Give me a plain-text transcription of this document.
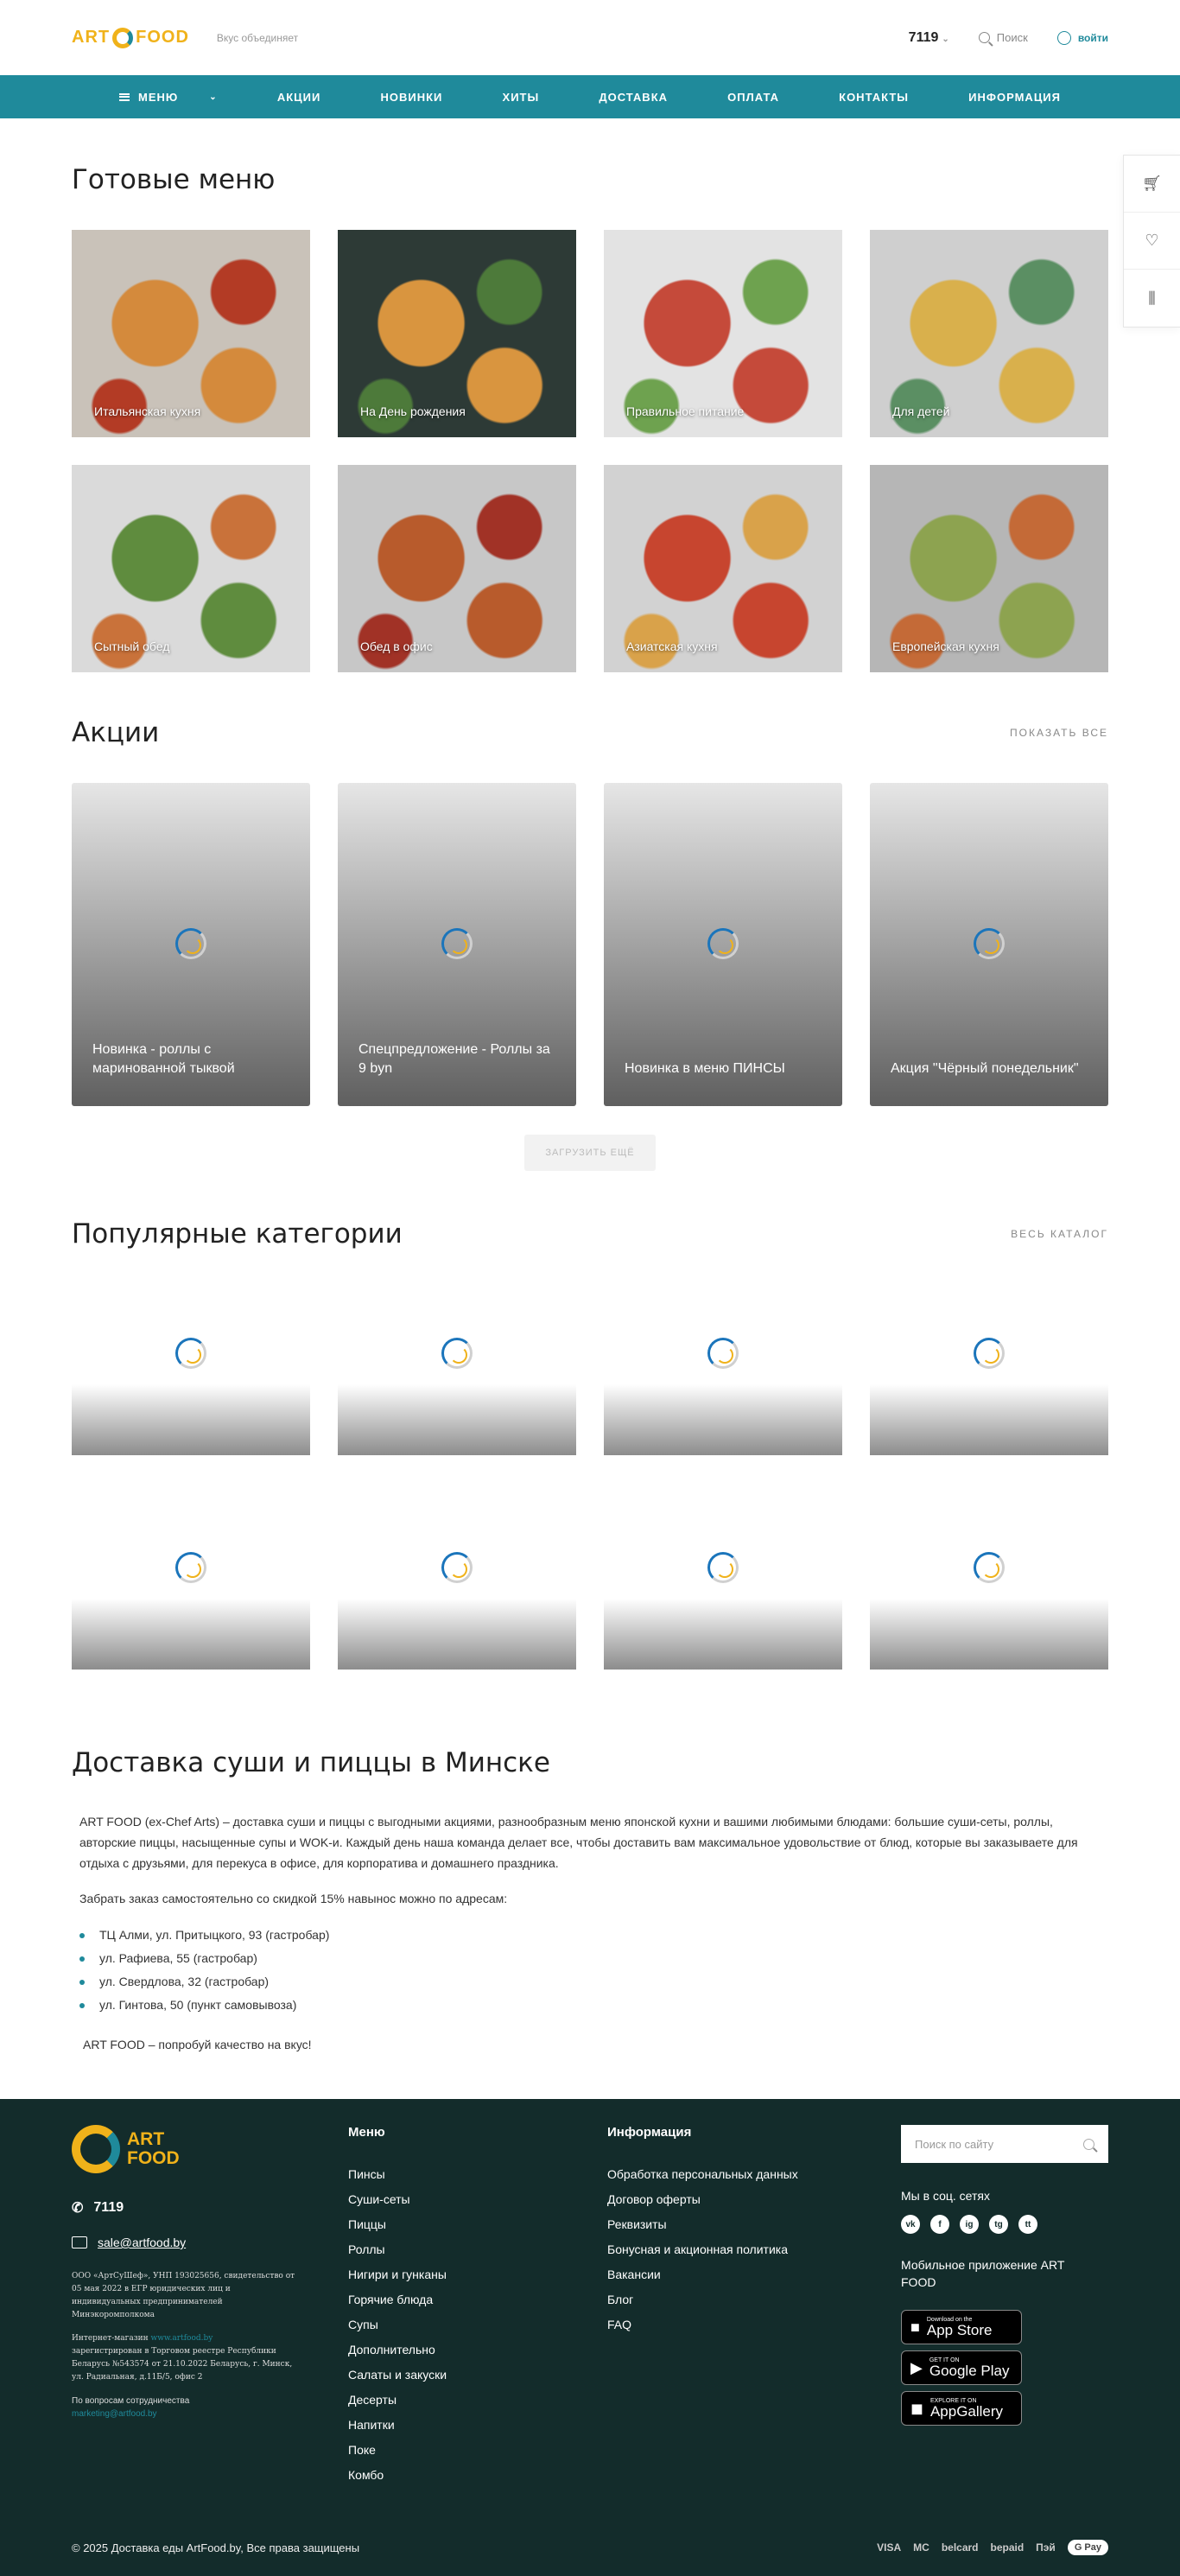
ART FOOD	Вкус объединяет	7119 ⌄	Поиск	войти
МЕНЮ	⌄	АКЦИИ	НОВИНКИ	ХИТЫ	ДОСТАВКА	ОПЛАТА	КОНТАКТЫ	ИНФОРМАЦИЯ
🛒︎
♡
⫼
Готовые меню
Итальянская кухня	На День рождения	Правильное питание	Для детей
Сытный обед	Обед в офис	Азиатская кухня	Европейская кухня
Акции	ПОКАЗАТЬ ВСЕ
Новинка - роллы с маринованной тыквой
Спецпредложение - Роллы за 9 byn	Новинка в меню ПИНСЫ	Акция "Чёрный понедельник"
ЗАГРУЗИТЬ ЕЩЁ
Популярные категории	ВЕСЬ КАТАЛОГ
Доставка суши и пиццы в Минске

ART FOOD (ex-Chef Arts) – доставка суши и пиццы с выгодными акциями, разнообразным меню японской кухни и вашими любимыми блюдами: большие суши-сеты, роллы, авторские пиццы, насыщенные супы и WOK-и. Каждый день наша команда делает все, чтобы доставить вам максимальное удовольствие от блюд, которые вы заказываете для отдыха с друзьями, для перекуса в офисе, для корпоратива и домашнего праздника.

Забрать заказ самостоятельно со скидкой 15% навынос можно по адресам:

ТЦ Алми, ул. Притыцкого, 93 (гастробар)
ул. Рафиева, 55 (гастробар)
ул. Свердлова, 32 (гастробар)
ул. Гинтова, 50 (пункт самовывоза)

ART FOOD – попробуй качество на вкус!

ART
FOOD
✆ 7119
sale@artfood.by

ООО «АртСуШеф», УНП 193025656, свидетельство от 05 мая 2022 в ЕГР юридических лиц и индивидуальных предпринимателей Минэкоромполкома

Интернет-магазин www.artfood.by
зарегистрирован в Торговом реестре Республики Беларусь №543574 от 21.10.2022 Беларусь, г. Минск, ул. Радиальная, д.11Б/5, офис 2

По вопросам сотрудничества
marketing@artfood.by

Меню
Пинсы
Суши-сеты
Пиццы
Роллы
Нигири и гунканы
Горячие блюда
Супы
Дополнительно
Салаты и закуски
Десерты
Напитки
Поке
Комбо
Информация
Обработка персональных данных
Договор оферты
Реквизиты
Бонусная и акционная политика
Вакансии
Блог
FAQ
Поиск по сайту
Мы в соц. сетях
vk	f	ig	tg	tt
Мобильное приложение ART FOOD
■ Download on the
App Store
▶ GET IT ON
Google Play
◼ EXPLORE IT ON
AppGallery
© 2025 Доставка еды ArtFood.by, Все права защищены	VISA MC belcard bepaid Пэй	G Pay
